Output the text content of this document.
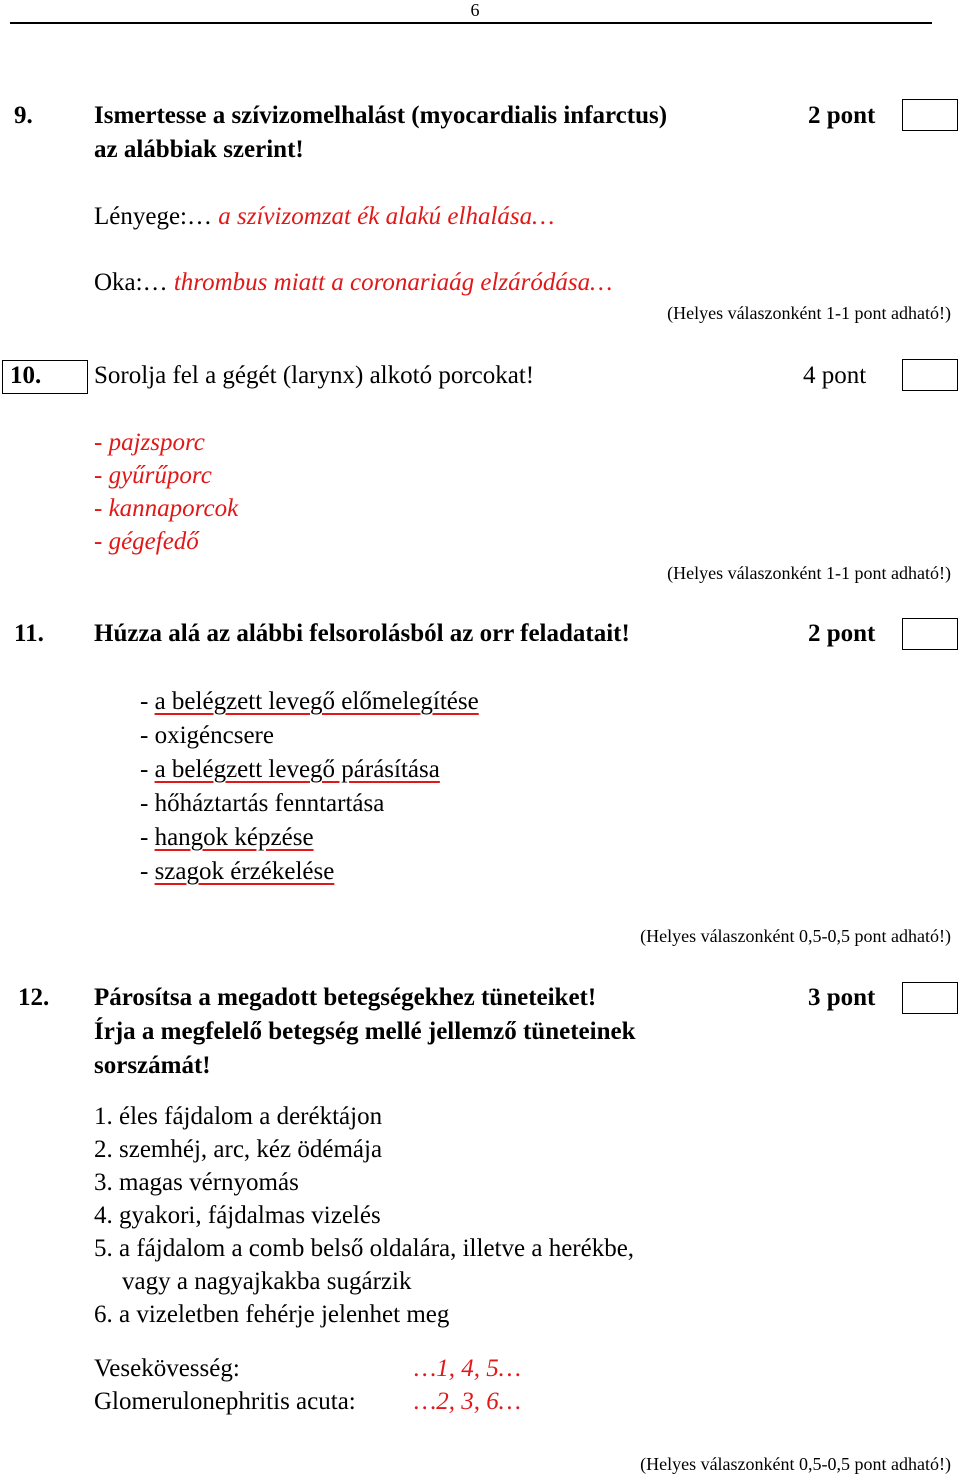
6
9. Ismertesse a szívizomelhalást (myocardialis infarctus)
az alábbiak szerint!
2 pont
Lényege:… a szívizomzat ék alakú elhalása…
Oka:… thrombus miatt a coronariaág elzáródása…
(Helyes válaszonként 1-1 pont adható!)
10. Sorolja fel a gégét (larynx) alkotó porcokat!	4 pont
- pajzsporc
- gyűrűporc
- kannaporcok
- gégefedő
(Helyes válaszonként 1-1 pont adható!)
11. Húzza alá az alábbi felsorolásból az orr feladatait!	2 pont
- a belégzett levegő előmelegítése
- oxigéncsere
- a belégzett levegő párásítása
- hőháztartás fenntartása
- hangok képzése
- szagok érzékelése
(Helyes válaszonként 0,5-0,5 pont adható!)
12. Párosítsa a megadott betegségekhez tüneteiket!
Írja a megfelelő betegség mellé jellemző tüneteinek
sorszámát!
3 pont
1. éles fájdalom a deréktájon
2. szemhéj, arc, kéz ödémája
3. magas vérnyomás
4. gyakori, fájdalmas vizelés
5. a fájdalom a comb belső oldalára, illetve a herékbe,
vagy a nagyajkakba sugárzik
6. a vizeletben fehérje jelenhet meg
Vesekövesség:	…1, 4, 5…
Glomerulonephritis acuta: …2, 3, 6…
(Helyes válaszonként 0,5-0,5 pont adható!)
